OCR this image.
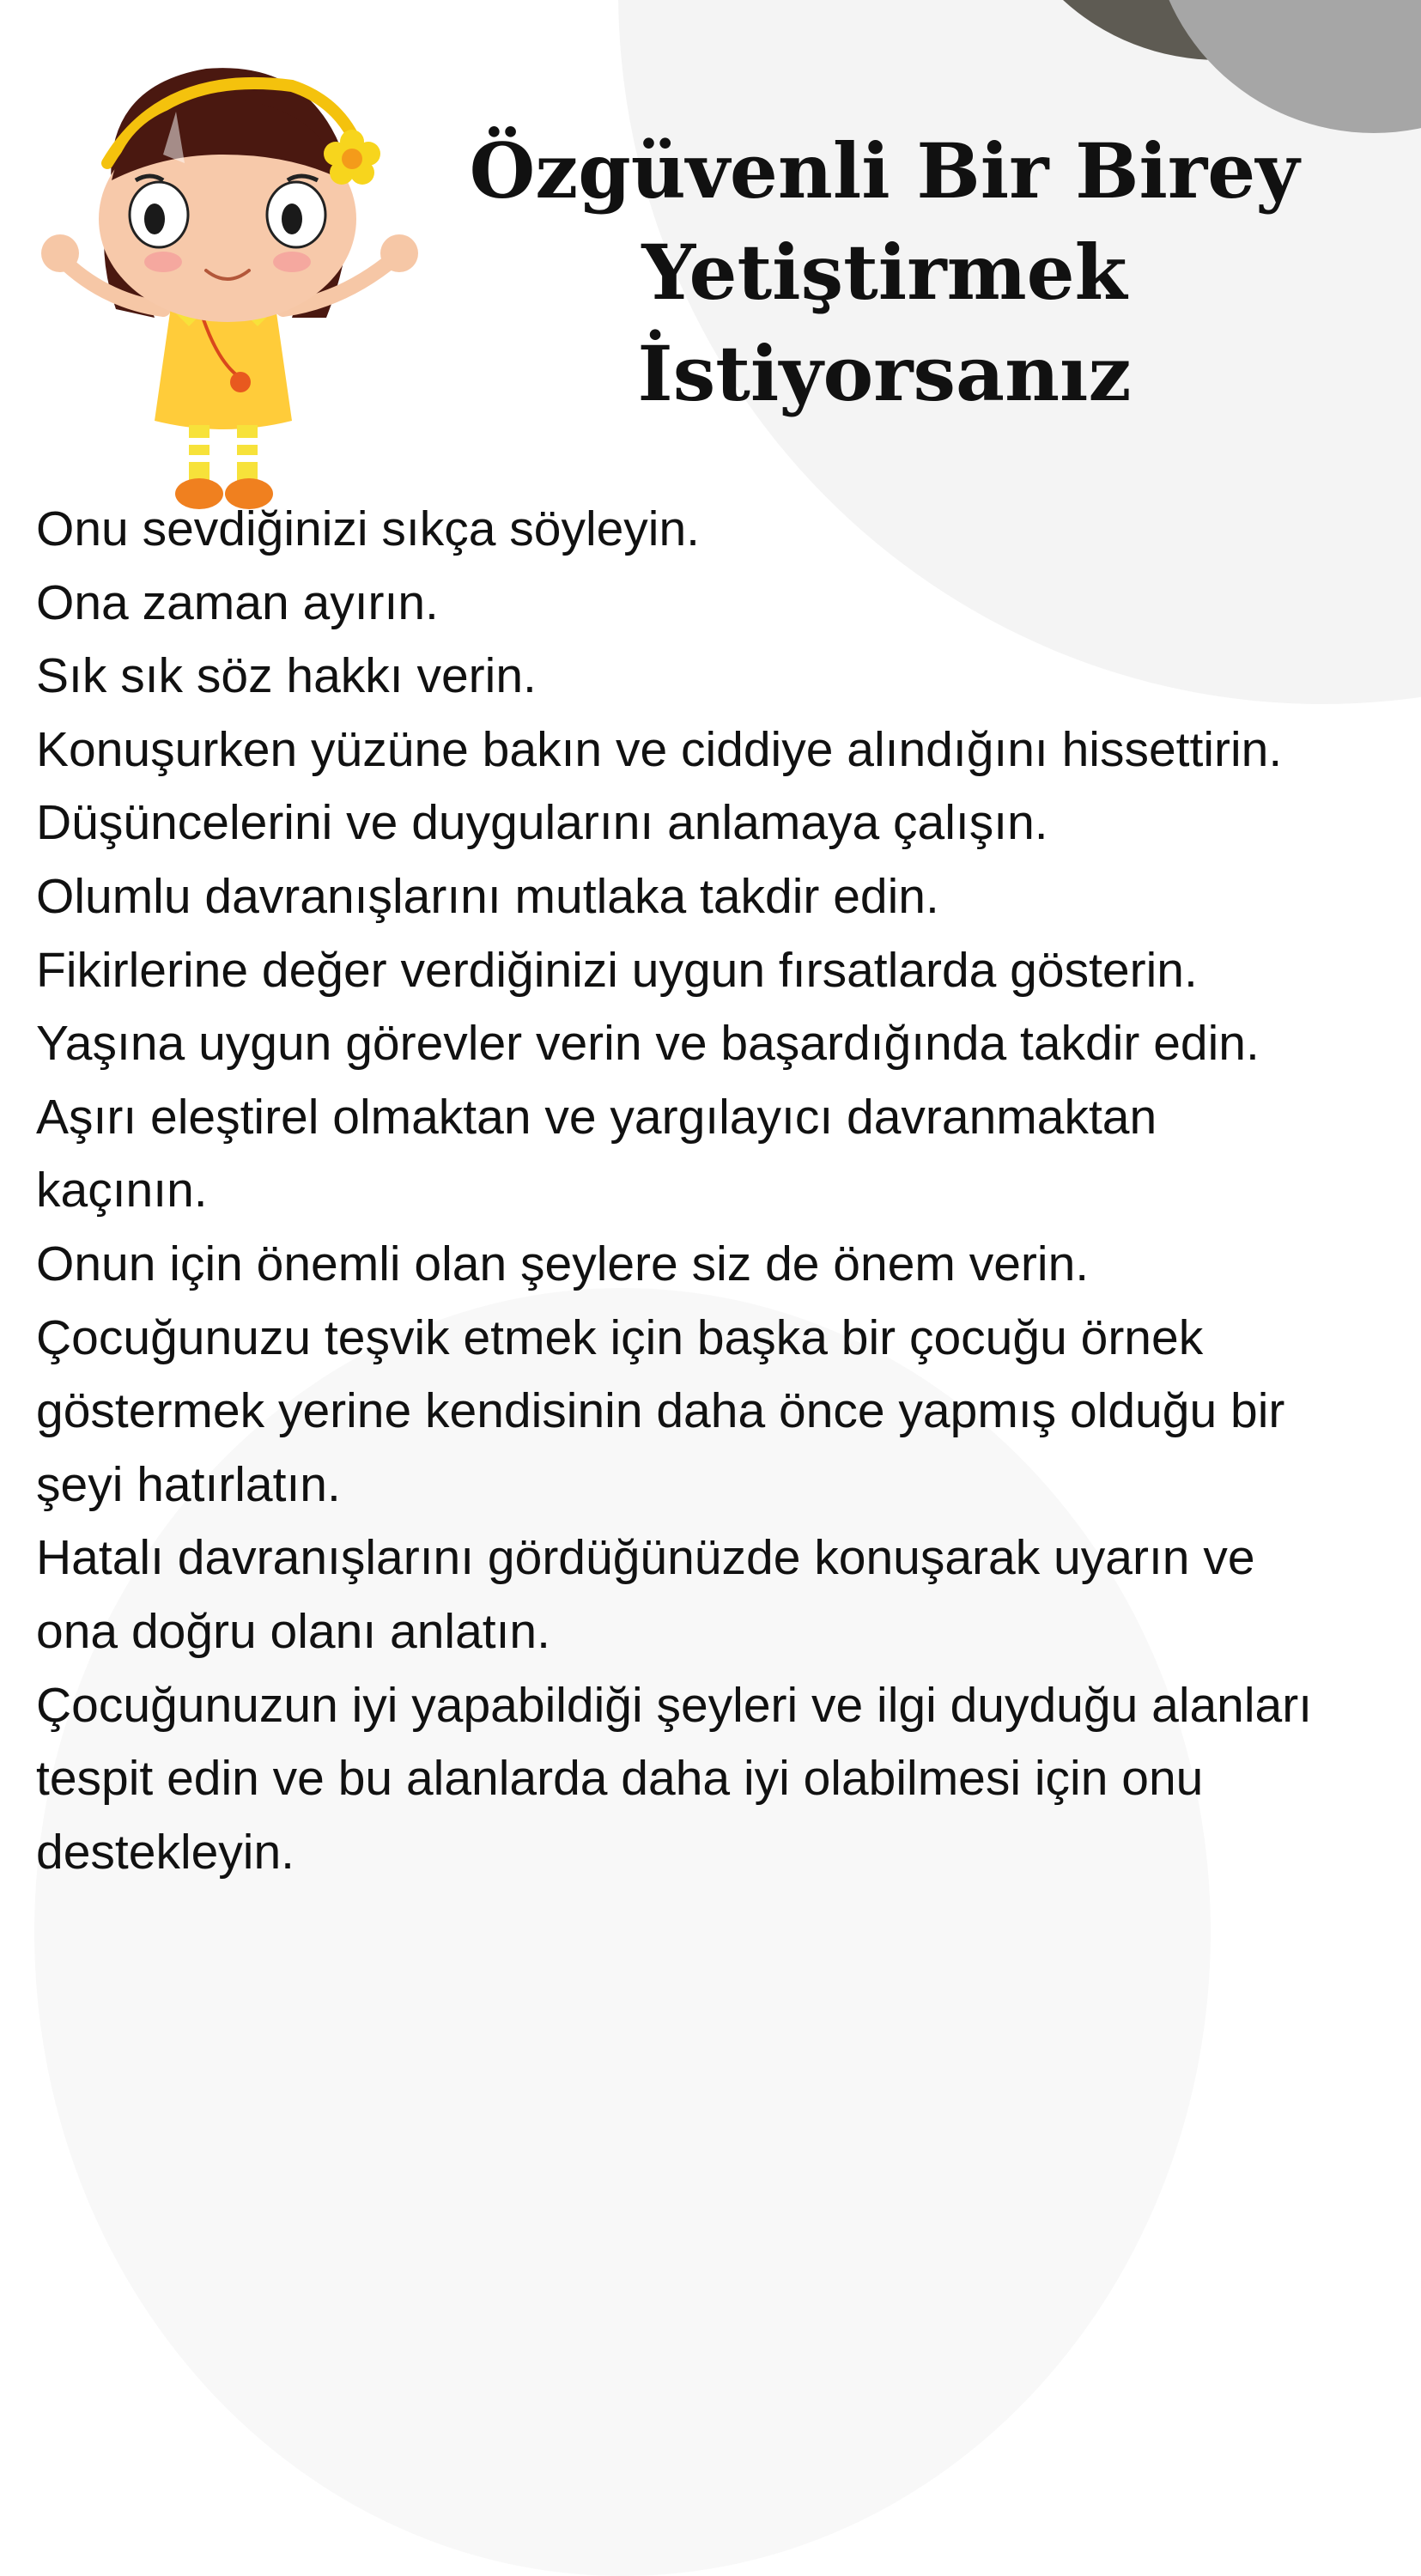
Özgüvenli Bir Birey
Yetiştirmek
İstiyorsanız
Onu sevdiğinizi sıkça söyleyin.
Ona zaman ayırın.
Sık sık söz hakkı verin.
Konuşurken yüzüne bakın ve ciddiye alındığını hissettirin.
Düşüncelerini ve duygularını anlamaya çalışın.
Olumlu davranışlarını mutlaka takdir edin.
Fikirlerine değer verdiğinizi uygun fırsatlarda gösterin.
Yaşına uygun görevler verin ve başardığında takdir edin.
Aşırı eleştirel olmaktan ve yargılayıcı davranmaktan
kaçının.
Onun için önemli olan şeylere siz de önem verin.
Çocuğunuzu teşvik etmek için başka bir çocuğu örnek
göstermek yerine kendisinin daha önce yapmış olduğu bir
şeyi hatırlatın.
Hatalı davranışlarını gördüğünüzde konuşarak uyarın ve
ona doğru olanı anlatın.
Çocuğunuzun iyi yapabildiği şeyleri ve ilgi duyduğu alanları
tespit edin ve bu alanlarda daha iyi olabilmesi için onu
destekleyin.
